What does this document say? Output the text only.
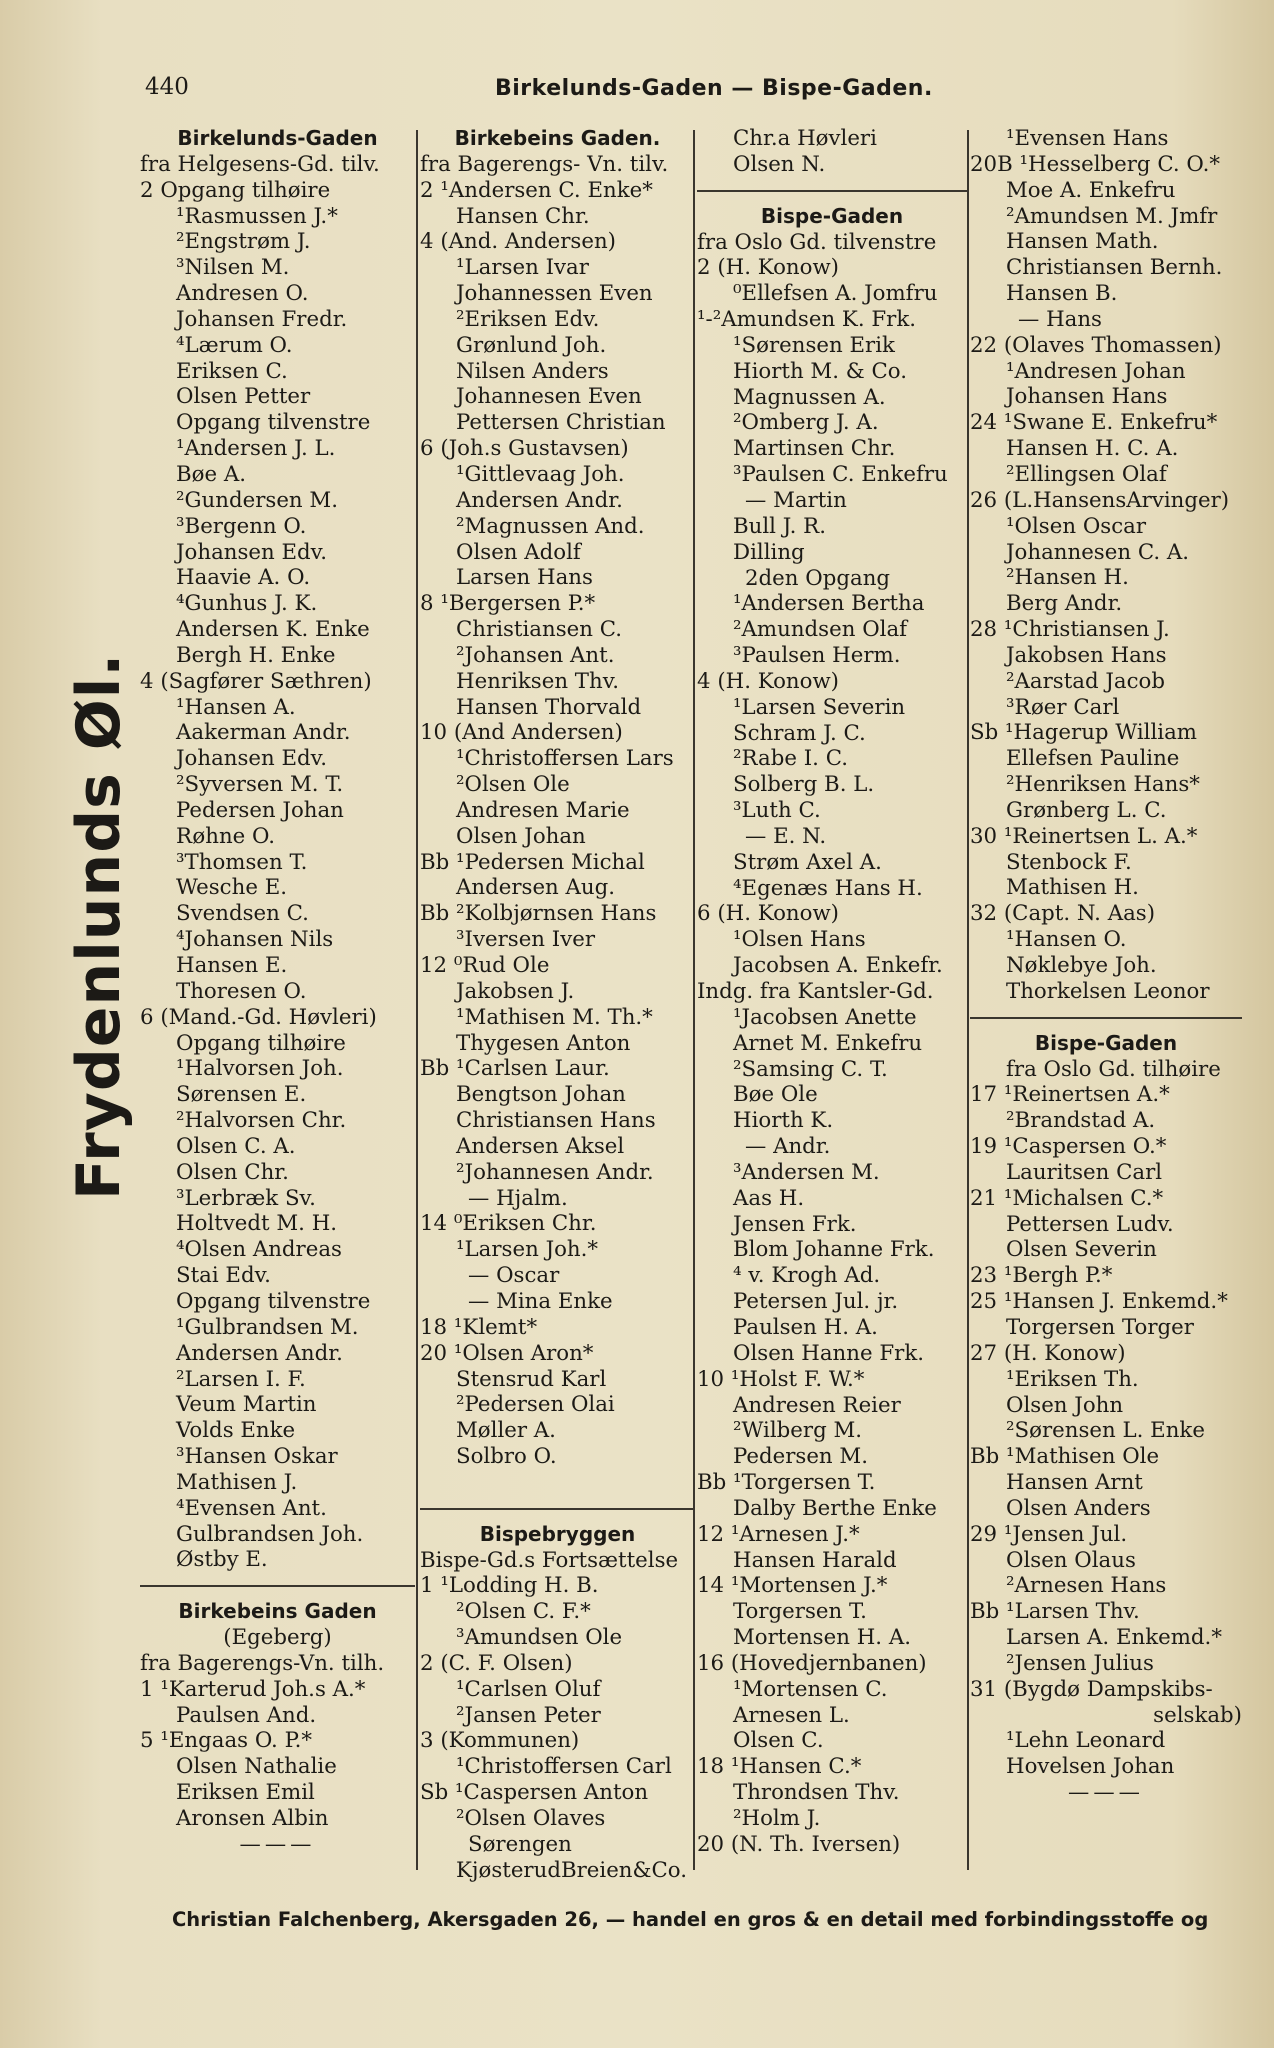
440	Birkelunds-Gaden — Bispe-Gaden.
Birkelunds-Gaden
fra Helgesens-Gd. tilv.
2 Opgang tilhøire
¹Rasmussen J.*
²Engstrøm J.
³Nilsen M.
Andresen O.
Johansen Fredr.
⁴Lærum O.
Eriksen C.
Olsen Petter
Opgang tilvenstre
¹Andersen J. L.
Bøe A.
²Gundersen M.
³Bergenn O.
Johansen Edv.
Haavie A. O.
⁴Gunhus J. K.
Andersen K. Enke
Bergh H. Enke
4 (Sagfører Sæthren)
¹Hansen A.
Aakerman Andr.
Johansen Edv.
²Syversen M. T.
Pedersen Johan
Røhne O.
³Thomsen T.
Wesche E.
Svendsen C.
⁴Johansen Nils
Hansen E.
Thoresen O.
6 (Mand.-Gd. Høvleri)
Opgang tilhøire
¹Halvorsen Joh.
Sørensen E.
²Halvorsen Chr.
Olsen C. A.
Olsen Chr.
³Lerbræk Sv.
Holtvedt M. H.
⁴Olsen Andreas
Stai Edv.
Opgang tilvenstre
¹Gulbrandsen M.
Andersen Andr.
²Larsen I. F.
Veum Martin
Volds Enke
³Hansen Oskar
Mathisen J.
⁴Evensen Ant.
Gulbrandsen Joh.
Østby E.
Birkebeins Gaden
(Egeberg)
fra Bagerengs-Vn. tilh.
1 ¹Karterud Joh.s A.*
Paulsen And.
5 ¹Engaas O. P.*
Olsen Nathalie
Eriksen Emil
Aronsen Albin
———
Birkebeins Gaden.
fra Bagerengs- Vn. tilv.
2 ¹Andersen C. Enke*
Hansen Chr.
4 (And. Andersen)
¹Larsen Ivar
Johannessen Even
²Eriksen Edv.
Grønlund Joh.
Nilsen Anders
Johannesen Even
Pettersen Christian
6 (Joh.s Gustavsen)
¹Gittlevaag Joh.
Andersen Andr.
²Magnussen And.
Olsen Adolf
Larsen Hans
8 ¹Bergersen P.*
Christiansen C.
²Johansen Ant.
Henriksen Thv.
Hansen Thorvald
10 (And Andersen)
¹Christoffersen Lars
²Olsen Ole
Andresen Marie
Olsen Johan
Bb ¹Pedersen Michal
Andersen Aug.
Bb ²Kolbjørnsen Hans
³Iversen Iver
12 ⁰Rud Ole
Jakobsen J.
¹Mathisen M. Th.*
Thygesen Anton
Bb ¹Carlsen Laur.
Bengtson Johan
Christiansen Hans
Andersen Aksel
²Johannesen Andr.
— Hjalm.
14 ⁰Eriksen Chr.
¹Larsen Joh.*
— Oscar
— Mina Enke
18 ¹Klemt*
20 ¹Olsen Aron*
Stensrud Karl
²Pedersen Olai
Møller A.
Solbro O.
Bispebryggen
Bispe-Gd.s Fortsættelse
1 ¹Lodding H. B.
²Olsen C. F.*
³Amundsen Ole
2 (C. F. Olsen)
¹Carlsen Oluf
²Jansen Peter
3 (Kommunen)
¹Christoffersen Carl
Sb ¹Caspersen Anton
²Olsen Olaves
Sørengen
KjøsterudBreien&Co.
Chr.a Høvleri
Olsen N.
Bispe-Gaden
fra Oslo Gd. tilvenstre
2 (H. Konow)
⁰Ellefsen A. Jomfru
¹-²Amundsen K. Frk.
¹Sørensen Erik
Hiorth M. & Co.
Magnussen A.
²Omberg J. A.
Martinsen Chr.
³Paulsen C. Enkefru
— Martin
Bull J. R.
Dilling
2den Opgang
¹Andersen Bertha
²Amundsen Olaf
³Paulsen Herm.
4 (H. Konow)
¹Larsen Severin
Schram J. C.
²Rabe I. C.
Solberg B. L.
³Luth C.
— E. N.
Strøm Axel A.
⁴Egenæs Hans H.
6 (H. Konow)
¹Olsen Hans
Jacobsen A. Enkefr.
Indg. fra Kantsler-Gd.
¹Jacobsen Anette
Arnet M. Enkefru
²Samsing C. T.
Bøe Ole
Hiorth K.
— Andr.
³Andersen M.
Aas H.
Jensen Frk.
Blom Johanne Frk.
⁴ v. Krogh Ad.
Petersen Jul. jr.
Paulsen H. A.
Olsen Hanne Frk.
10 ¹Holst F. W.*
Andresen Reier
²Wilberg M.
Pedersen M.
Bb ¹Torgersen T.
Dalby Berthe Enke
12 ¹Arnesen J.*
Hansen Harald
14 ¹Mortensen J.*
Torgersen T.
Mortensen H. A.
16 (Hovedjernbanen)
¹Mortensen C.
Arnesen L.
Olsen C.
18 ¹Hansen C.*
Throndsen Thv.
²Holm J.
20 (N. Th. Iversen)
¹Evensen Hans
20B ¹Hesselberg C. O.*
Moe A. Enkefru
²Amundsen M. Jmfr
Hansen Math.
Christiansen Bernh.
Hansen B.
— Hans
22 (Olaves Thomassen)
¹Andresen Johan
Johansen Hans
24 ¹Swane E. Enkefru*
Hansen H. C. A.
²Ellingsen Olaf
26 (L.HansensArvinger)
¹Olsen Oscar
Johannesen C. A.
²Hansen H.
Berg Andr.
28 ¹Christiansen J.
Jakobsen Hans
²Aarstad Jacob
³Røer Carl
Sb ¹Hagerup William
Ellefsen Pauline
²Henriksen Hans*
Grønberg L. C.
30 ¹Reinertsen L. A.*
Stenbock F.
Mathisen H.
32 (Capt. N. Aas)
¹Hansen O.
Nøklebye Joh.
Thorkelsen Leonor
Bispe-Gaden
fra Oslo Gd. tilhøire
17 ¹Reinertsen A.*
²Brandstad A.
19 ¹Caspersen O.*
Lauritsen Carl
21 ¹Michalsen C.*
Pettersen Ludv.
Olsen Severin
23 ¹Bergh P.*
25 ¹Hansen J. Enkemd.*
Torgersen Torger
27 (H. Konow)
¹Eriksen Th.
Olsen John
²Sørensen L. Enke
Bb ¹Mathisen Ole
Hansen Arnt
Olsen Anders
29 ¹Jensen Jul.
Olsen Olaus
²Arnesen Hans
Bb ¹Larsen Thv.
Larsen A. Enkemd.*
²Jensen Julius
31 (Bygdø Dampskibs-
selskab)
¹Lehn Leonard
Hovelsen Johan
———
Frydenlunds Øl.
Christian Falchenberg, Akersgaden 26, — handel en gros & en detail med forbindingsstoffe og
